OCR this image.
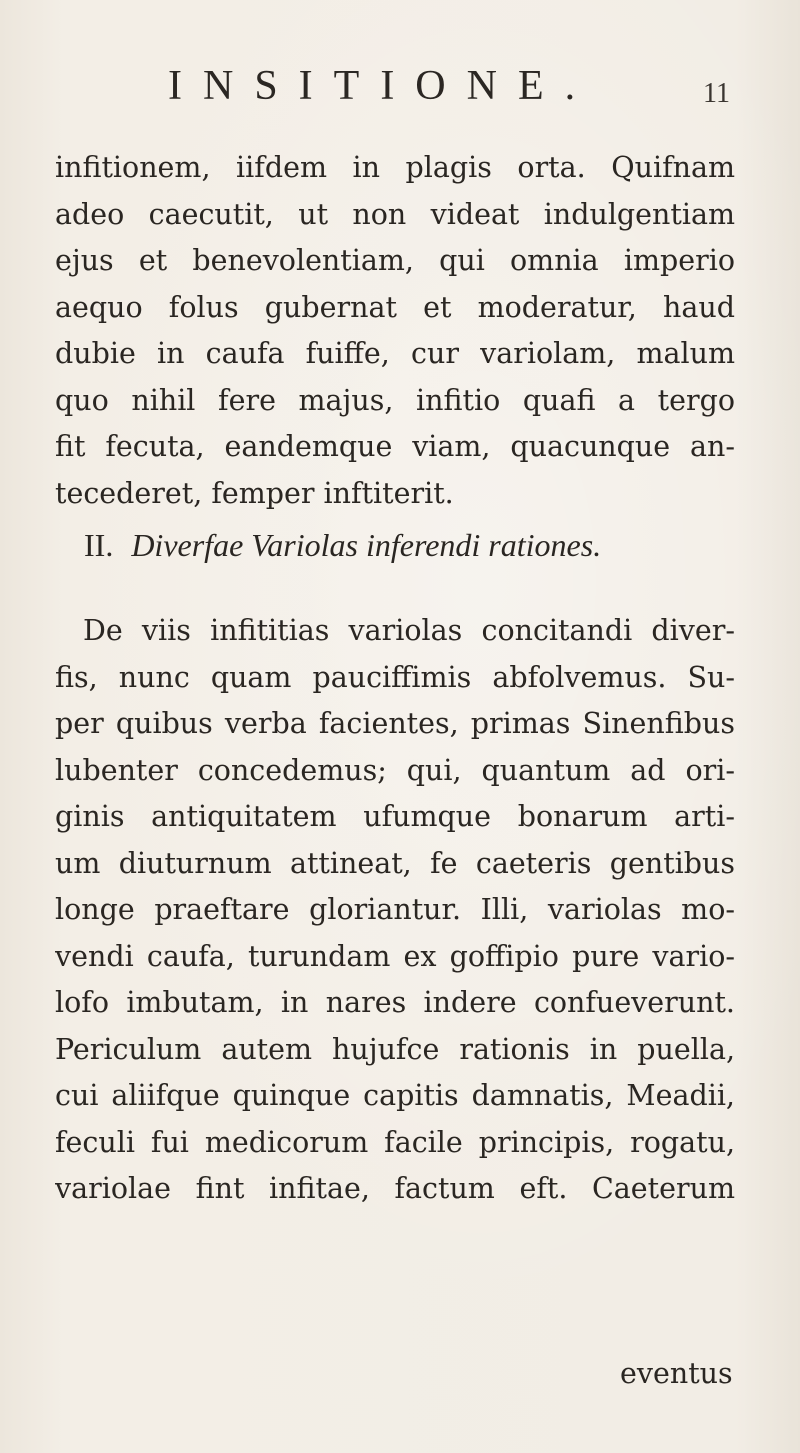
INSITIONE.	11
infitionem, iifdem in plagis orta. Quifnam
adeo caecutit, ut non videat indulgentiam
ejus et benevolentiam, qui omnia imperio
aequo folus gubernat et moderatur, haud
dubie in caufa fuiffe, cur variolam, malum
quo nihil fere majus, infitio quafi a tergo
fit fecuta, eandemque viam, quacunque an-
tecederet, femper inftiterit.
II. Diverfae Variolas inferendi rationes.
De viis infititias variolas concitandi diver-
fis, nunc quam pauciffimis abfolvemus. Su-
per quibus verba facientes, primas Sinenfibus
lubenter concedemus; qui, quantum ad ori-
ginis antiquitatem ufumque bonarum arti-
um diuturnum attineat, fe caeteris gentibus
longe praeftare gloriantur. Illi, variolas mo-
vendi caufa, turundam ex goffipio pure vario-
lofo imbutam, in nares indere confueverunt.
Periculum autem hujufce rationis in puella,
cui aliifque quinque capitis damnatis, Meadii,
feculi fui medicorum facile principis, rogatu,
variolae fint infitae, factum eft. Caeterum
eventus
